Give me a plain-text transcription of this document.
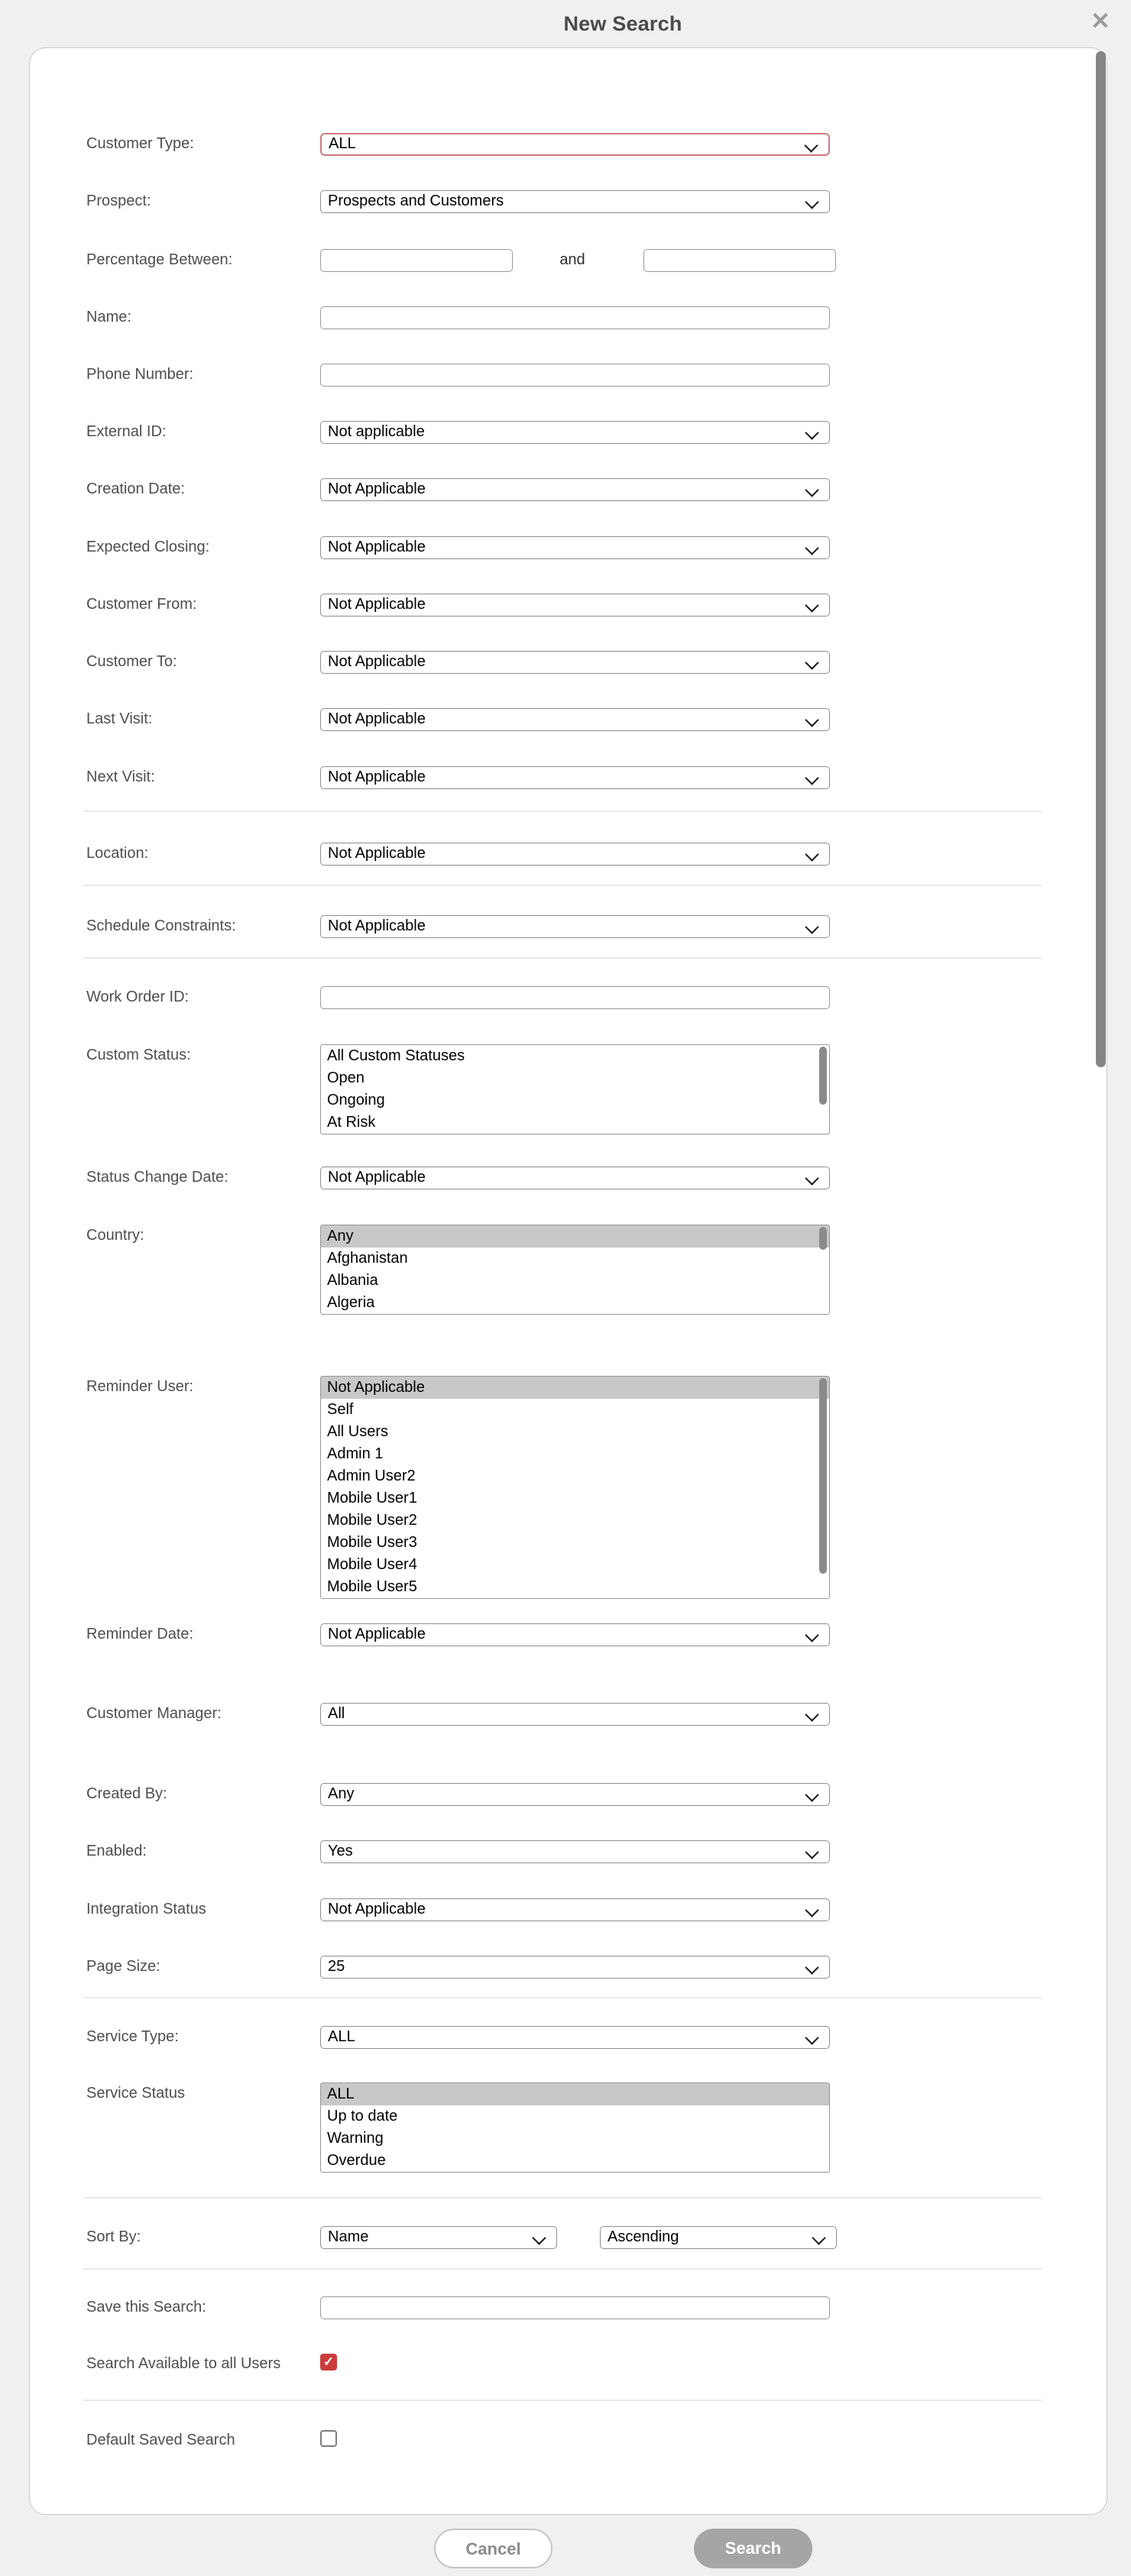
New Search	✕
Customer Type:	ALL
Prospect:	Prospects and Customers
Percentage Between:	and
Name:
Phone Number:
External ID:	Not applicable
Creation Date:	Not Applicable
Expected Closing:	Not Applicable
Customer From:	Not Applicable
Customer To:	Not Applicable
Last Visit:	Not Applicable
Next Visit:	Not Applicable
Location:	Not Applicable
Schedule Constraints:	Not Applicable
Work Order ID:
Custom Status:	All Custom Statuses
Open
Ongoing
At Risk
Status Change Date:	Not Applicable
Country:	Any
Afghanistan
Albania
Algeria
Reminder User:	Not Applicable
Self
All Users
Admin 1
Admin User2
Mobile User1
Mobile User2
Mobile User3
Mobile User4
Mobile User5
Reminder Date:	Not Applicable
Customer Manager:	All
Created By:	Any
Enabled:	Yes
Integration Status	Not Applicable
Page Size:	25
Service Type:	ALL
Service Status	ALL
Up to date
Warning
Overdue
Sort By:	Name	Ascending
Save this Search:
Search Available to all Users	✓
Default Saved Search
Cancel	Search
